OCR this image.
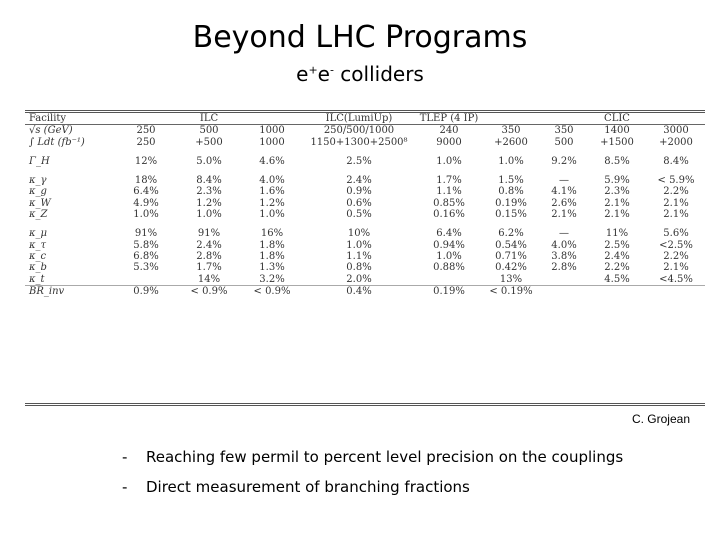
Beyond LHC Programs
e+e- colliders
Facility		ILC		ILC(LumiUp)	TLEP (4 IP)			CLIC	
√s (GeV)	250	500	1000	250/500/1000	240	350	350	1400	3000
∫ Ldt (fb⁻¹)	250	+500	1000	1150+1300+2500⁸	9000	+2600	500	+1500	+2000

Γ_H	12%	5.0%	4.6%	2.5%	1.0%	1.0%	9.2%	8.5%	8.4%

κ_γ	18%	8.4%	4.0%	2.4%	1.7%	1.5%	—	5.9%	< 5.9%
κ_g	6.4%	2.3%	1.6%	0.9%	1.1%	0.8%	4.1%	2.3%	2.2%
κ_W	4.9%	1.2%	1.2%	0.6%	0.85%	0.19%	2.6%	2.1%	2.1%
κ_Z	1.0%	1.0%	1.0%	0.5%	0.16%	0.15%	2.1%	2.1%	2.1%

κ_μ	91%	91%	16%	10%	6.4%	6.2%	—	11%	5.6%
κ_τ	5.8%	2.4%	1.8%	1.0%	0.94%	0.54%	4.0%	2.5%	<2.5%
κ_c	6.8%	2.8%	1.8%	1.1%	1.0%	0.71%	3.8%	2.4%	2.2%
κ_b	5.3%	1.7%	1.3%	0.8%	0.88%	0.42%	2.8%	2.2%	2.1%
κ_t		14%	3.2%	2.0%		13%		4.5%	<4.5%
BR_inv	0.9%	< 0.9%	< 0.9%	0.4%	0.19%	< 0.19%			
C. Grojean
- Reaching few permil to percent level precision on the couplings
- Direct measurement of branching fractions
